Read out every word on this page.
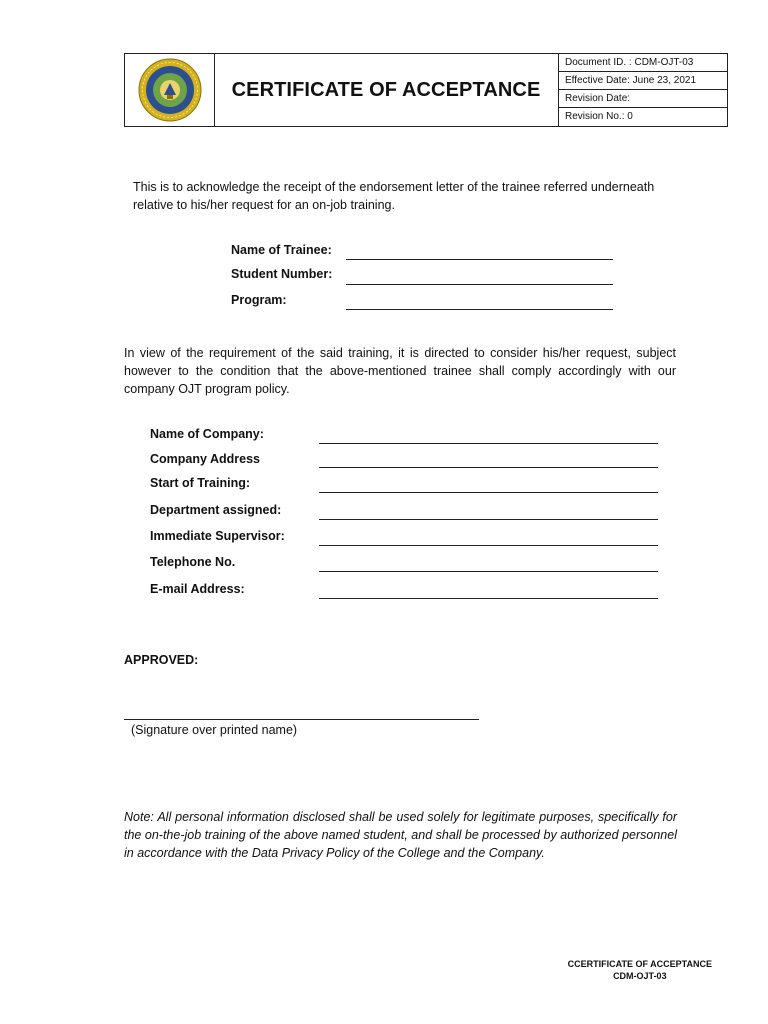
CERTIFICATE OF ACCEPTANCE
Document ID. : CDM-OJT-03
Effective Date: June 23, 2021
Revision Date:
Revision No.: 0

This is to acknowledge the receipt of the endorsement letter of the trainee referred underneath relative to his/her request for an on-job training.

Name of Trainee:
Student Number:
Program:

In view of the requirement of the said training, it is directed to consider his/her request, subject however to the condition that the above-mentioned trainee shall comply accordingly with our company OJT program policy.

Name of Company:
Company Address
Start of Training:
Department assigned:
Immediate Supervisor:
Telephone No.
E-mail Address:
APPROVED:
(Signature over printed name)

Note: All personal information disclosed shall be used solely for legitimate purposes, specifically for the on-the-job training of the above named student, and shall be processed by authorized personnel in accordance with the Data Privacy Policy of the College and the Company.

CCERTIFICATE OF ACCEPTANCE
CDM-OJT-03
